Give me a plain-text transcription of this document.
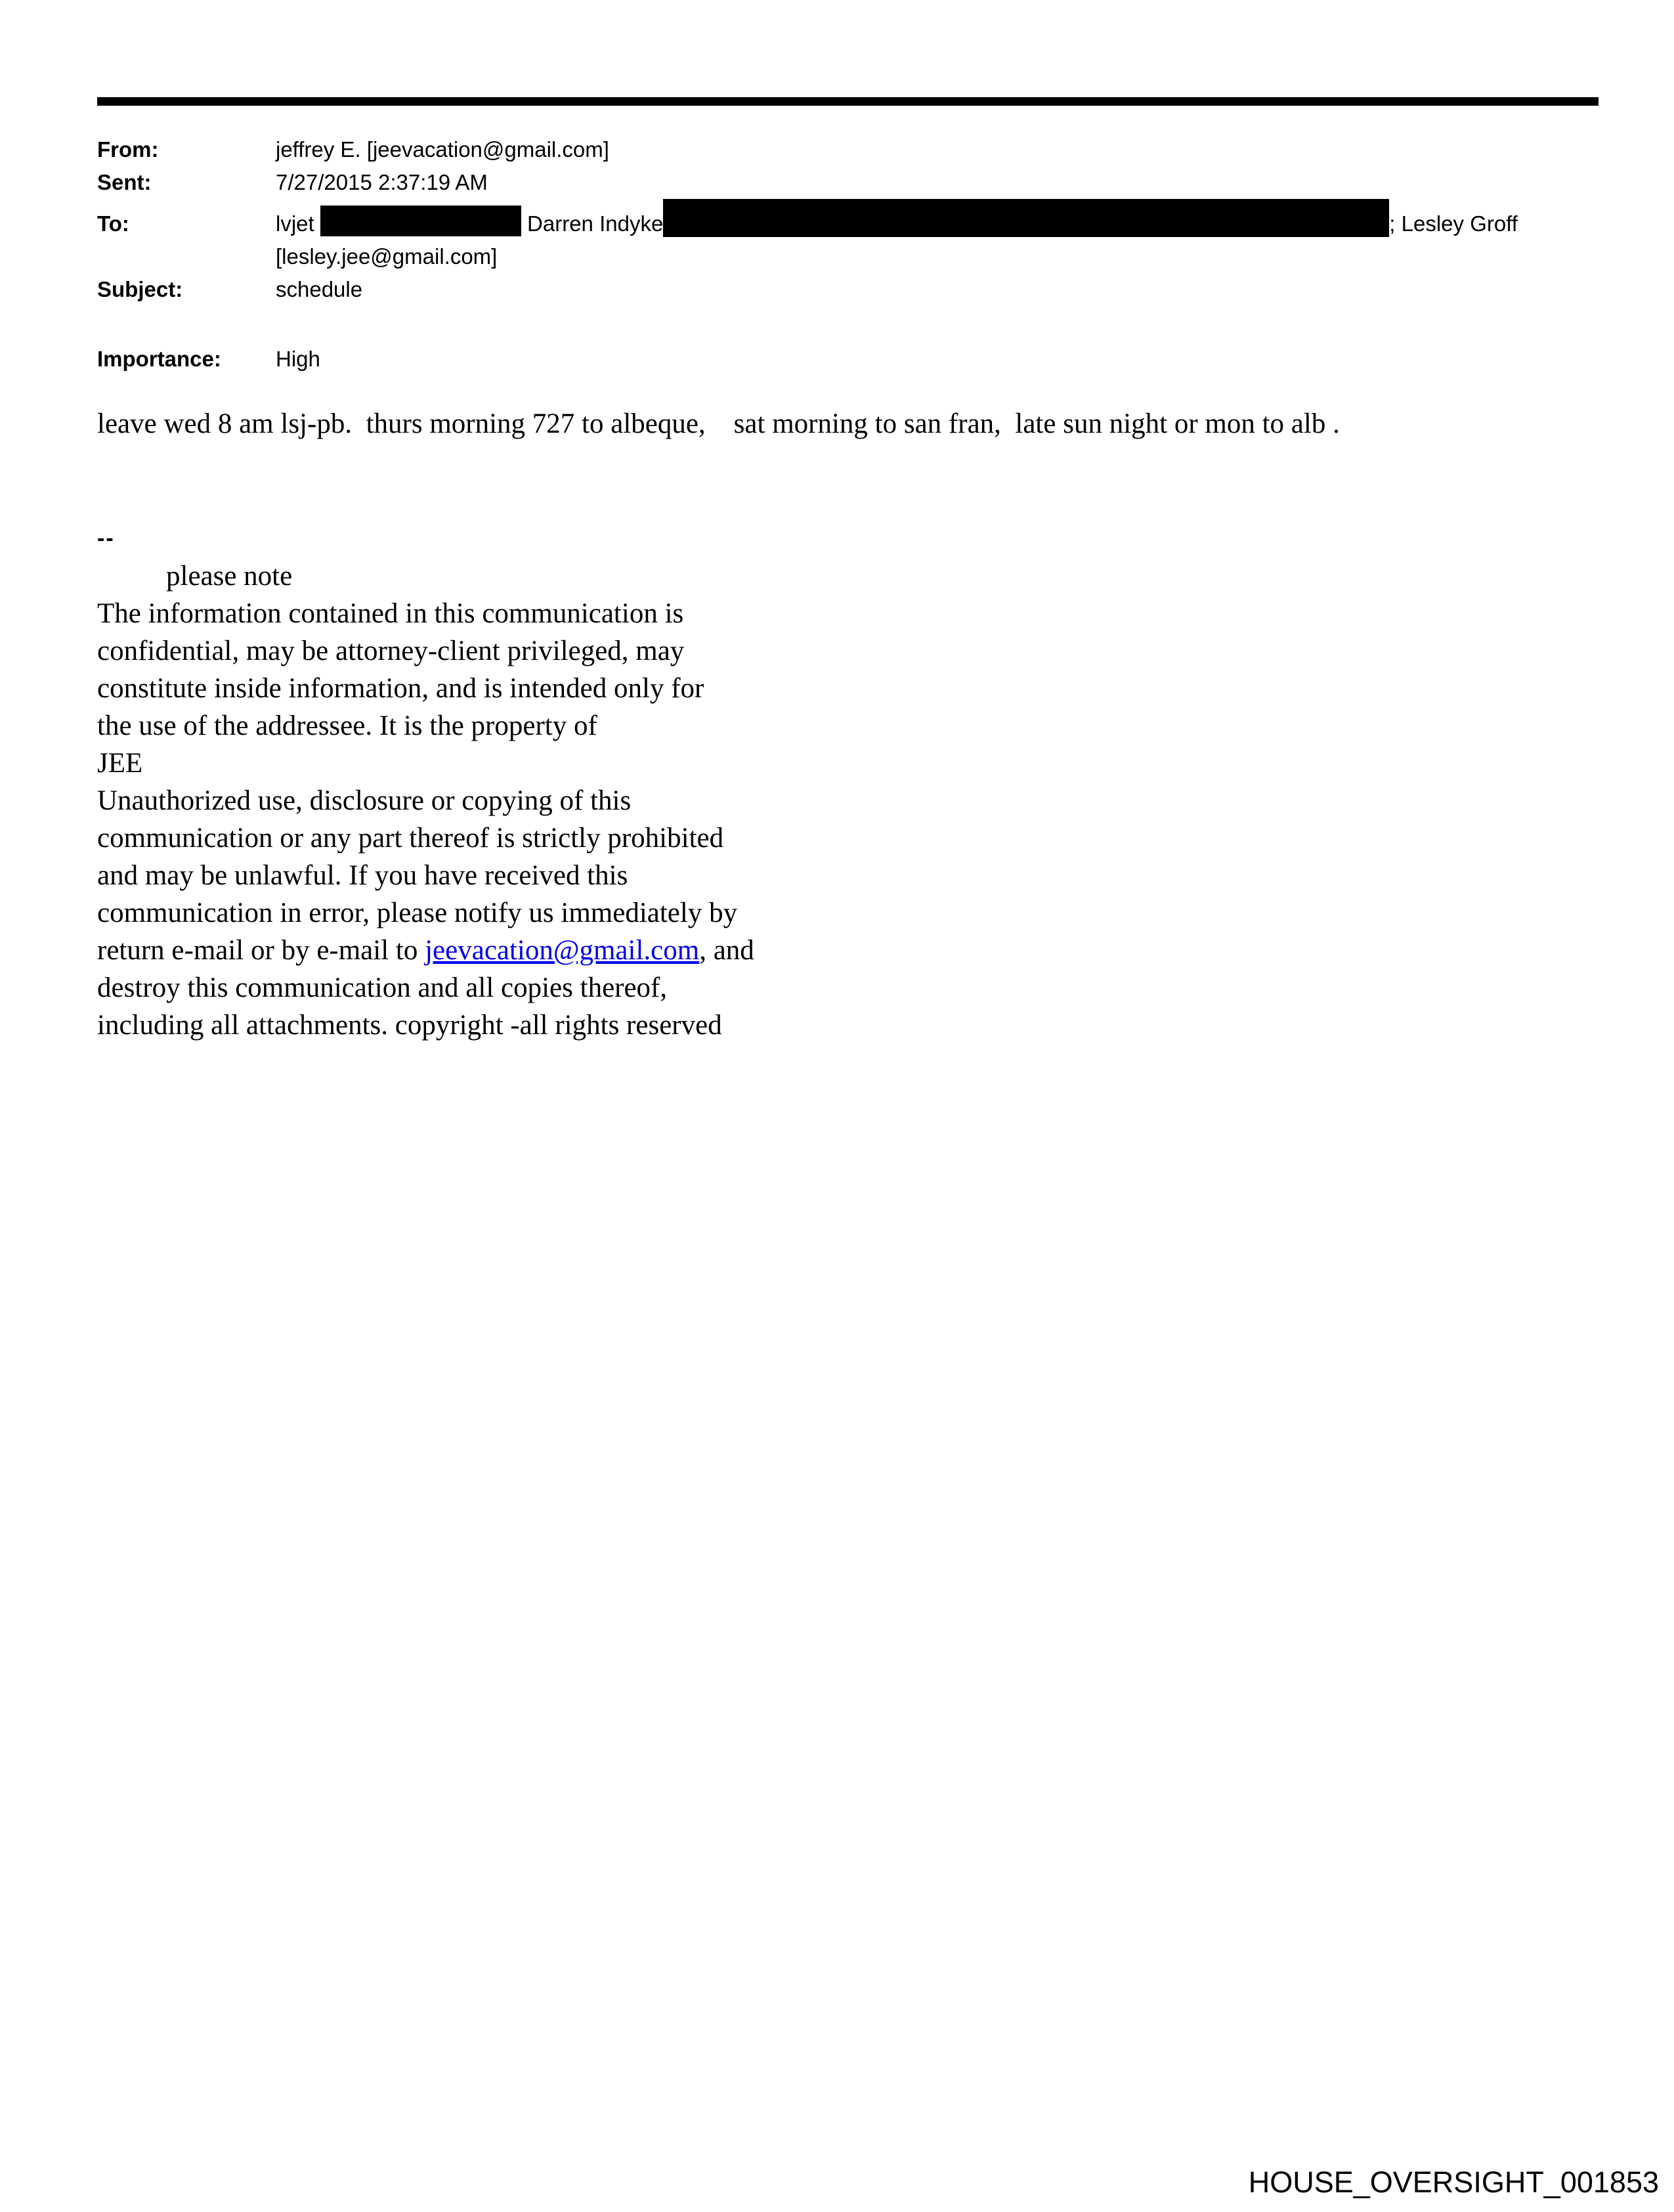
From:	jeffrey E. [jeevacation@gmail.com]
Sent:	7/27/2015 2:37:19 AM
To:	lvjet	Darren Indyke	; Lesley Groff
[lesley.jee@gmail.com]
Subject:	schedule
Importance:	High
leave wed 8 am lsj-pb.  thurs morning 727 to albeque,    sat morning to san fran,  late sun night or mon to alb .
--
please note
The information contained in this communication is
confidential, may be attorney-client privileged, may
constitute inside information, and is intended only for
the use of the addressee. It is the property of
JEE
Unauthorized use, disclosure or copying of this
communication or any part thereof is strictly prohibited
and may be unlawful. If you have received this
communication in error, please notify us immediately by
return e-mail or by e-mail to jeevacation@gmail.com, and
destroy this communication and all copies thereof,
including all attachments. copyright -all rights reserved
HOUSE_OVERSIGHT_001853
